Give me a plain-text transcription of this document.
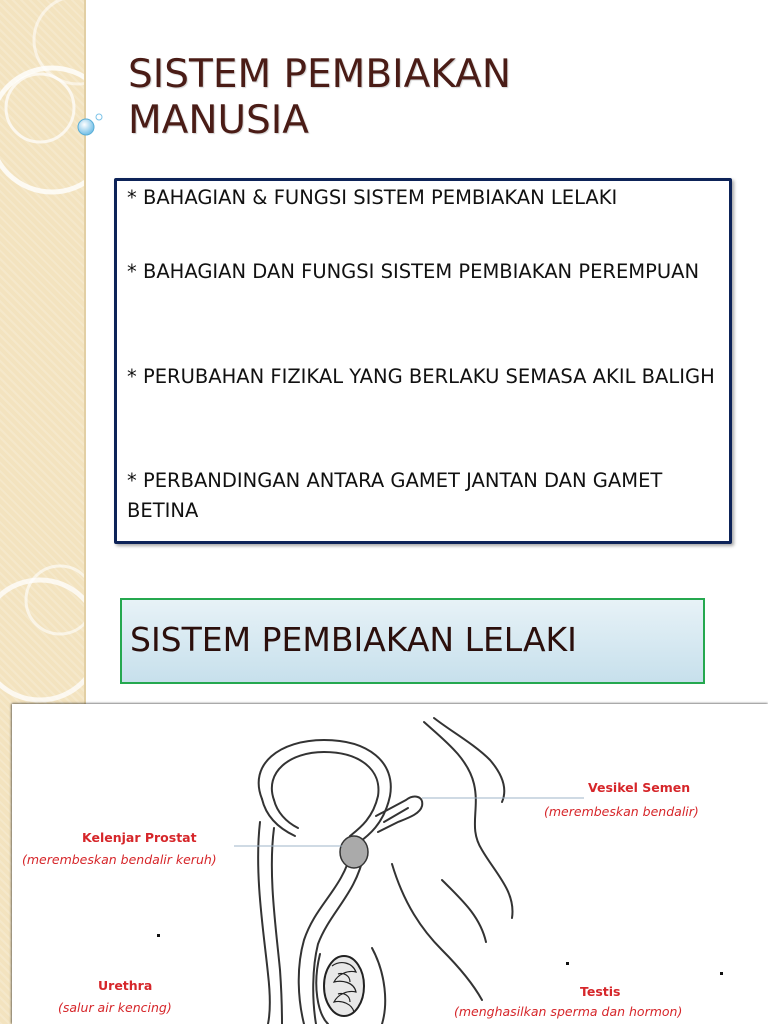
SISTEM PEMBIAKAN
MANUSIA
* BAHAGIAN & FUNGSI SISTEM PEMBIAKAN LELAKI
* BAHAGIAN DAN FUNGSI SISTEM PEMBIAKAN PEREMPUAN
* PERUBAHAN FIZIKAL YANG BERLAKU SEMASA AKIL BALIGH
* PERBANDINGAN ANTARA GAMET JANTAN DAN GAMET BETINA
SISTEM PEMBIAKAN LELAKI
Kelenjar Prostat
(merembeskan bendalir keruh)
Vesikel Semen
(merembeskan bendalir)
Urethra
(salur air kencing)
Testis
(menghasilkan sperma dan hormon)
